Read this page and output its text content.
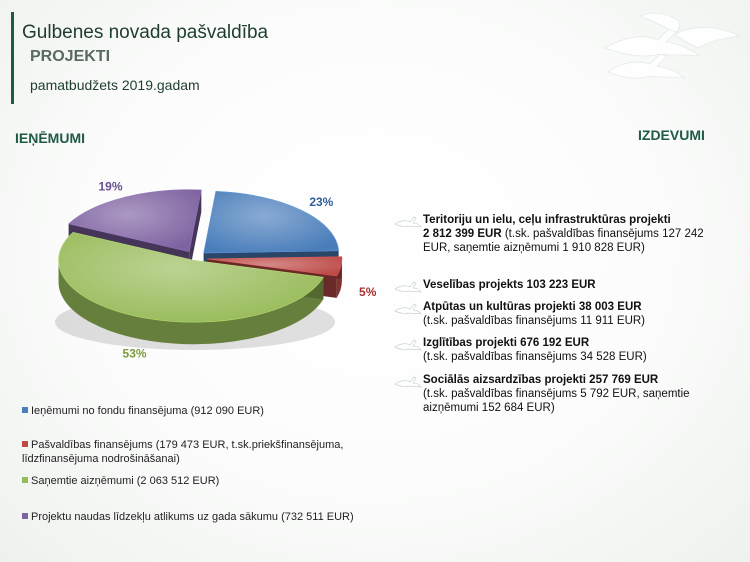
Gulbenes novada pašvaldība
PROJEKTI
pamatbudžets 2019.gadam
IEŅĒMUMI	IZDEVUMI
23%
5%
53%
19%
Ieņēmumi no fondu finansējuma (912 090 EUR)
Pašvaldības finansējums (179 473 EUR, t.sk.priekšfinansējuma,
līdzfinansējuma nodrošināšanai)
Saņemtie aizņēmumi (2 063 512 EUR)
Projektu naudas līdzekļu atlikums uz gada sākumu (732 511 EUR)
Teritoriju un ielu, ceļu infrastruktūras projekti
2 812 399 EUR (t.sk. pašvaldības finansējums 127 242 EUR, saņemtie aizņēmumi 1 910 828 EUR)
Veselības projekts 103 223 EUR
Atpūtas un kultūras projekti 38 003 EUR
(t.sk. pašvaldības finansējums 11 911 EUR)
Izglītības projekti 676 192 EUR
(t.sk. pašvaldības finansējums 34 528 EUR)
Sociālās aizsardzības projekti 257 769 EUR
(t.sk. pašvaldības finansējums 5 792 EUR, saņemtie aizņēmumi 152 684 EUR)
